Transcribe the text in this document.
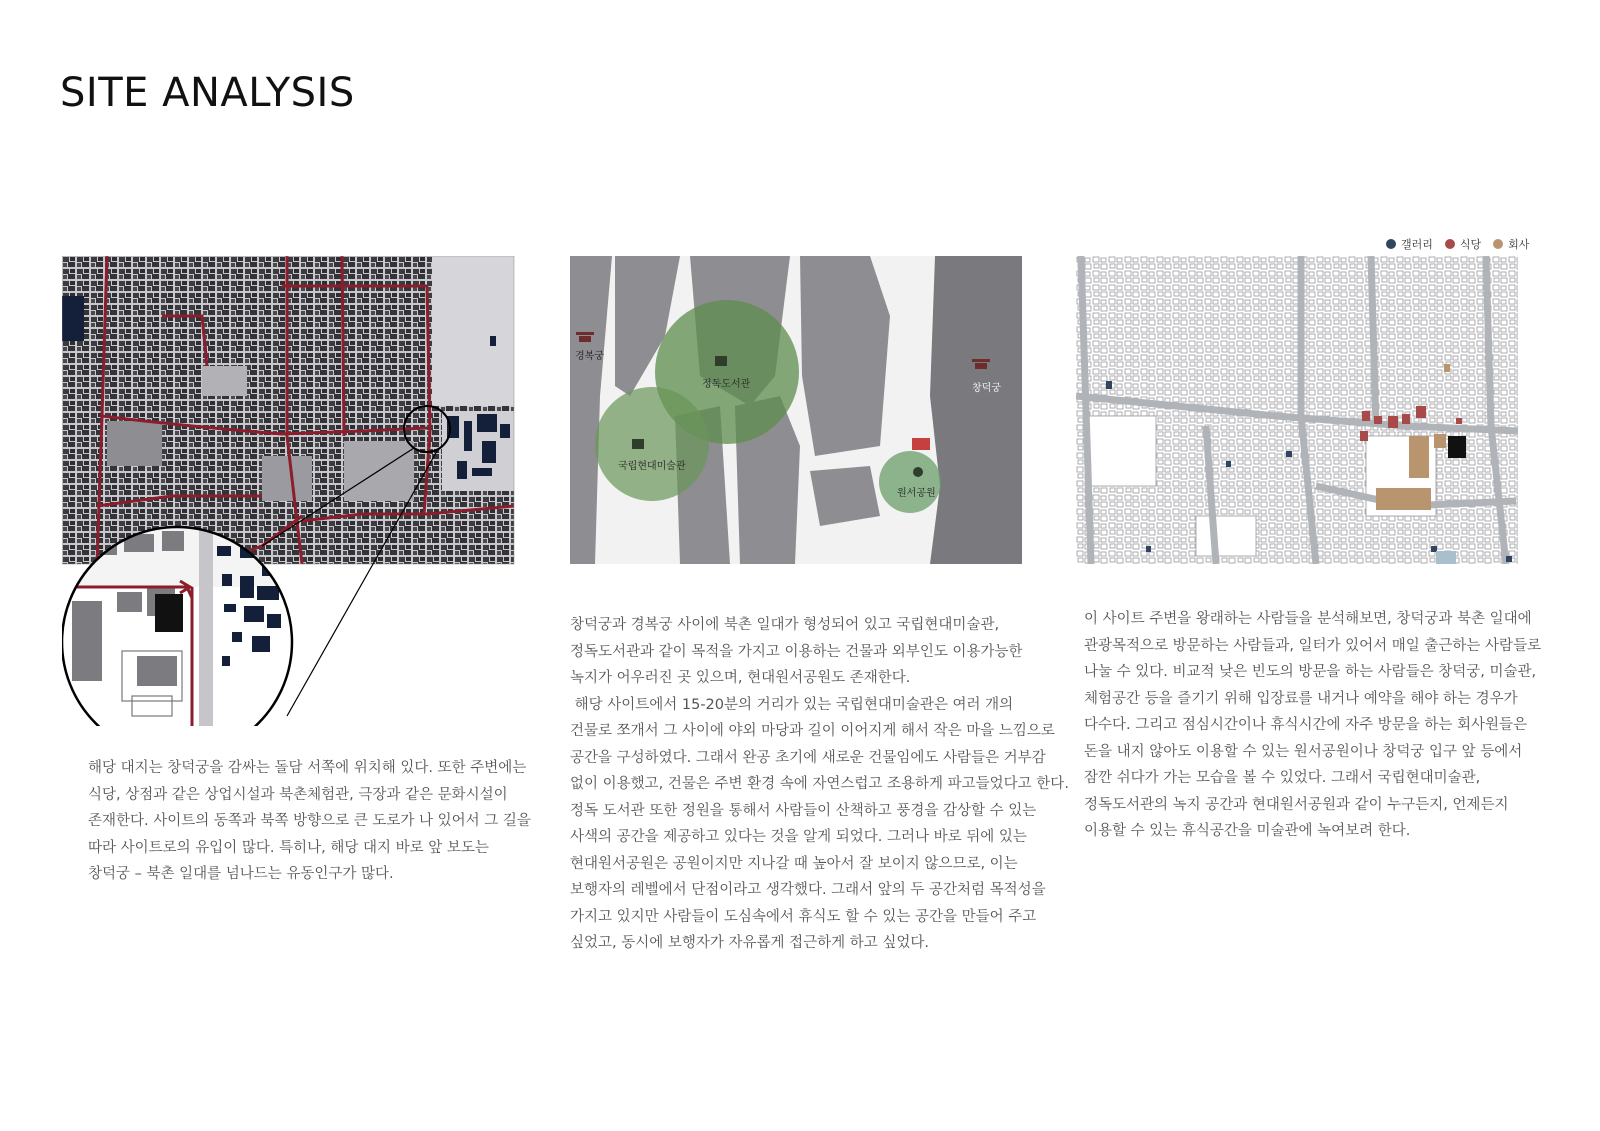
SITE ANALYSIS
경복궁
정독도서관
국립현대미술관
원서공원
창덕궁
갤러리 식당 회사
해당 대지는 창덕궁을 감싸는 돌담 서쪽에 위치해 있다. 또한 주변에는
식당, 상점과 같은 상업시설과 북촌체험관, 극장과 같은 문화시설이
존재한다. 사이트의 동쪽과 북쪽 방향으로 큰 도로가 나 있어서 그 길을
따라 사이트로의 유입이 많다. 특히나, 해당 대지 바로 앞 보도는
창덕궁 – 북촌 일대를 넘나드는 유동인구가 많다.
창덕궁과 경복궁 사이에 북촌 일대가 형성되어 있고 국립현대미술관,
정독도서관과 같이 목적을 가지고 이용하는 건물과 외부인도 이용가능한
녹지가 어우러진 곳 있으며, 현대원서공원도 존재한다.
해당 사이트에서 15-20분의 거리가 있는 국립현대미술관은 여러 개의
건물로 쪼개서 그 사이에 야외 마당과 길이 이어지게 해서 작은 마을 느낌으로
공간을 구성하였다. 그래서 완공 초기에 새로운 건물임에도 사람들은 거부감
없이 이용했고, 건물은 주변 환경 속에 자연스럽고 조용하게 파고들었다고 한다.
정독 도서관 또한 정원을 통해서 사람들이 산책하고 풍경을 감상할 수 있는
사색의 공간을 제공하고 있다는 것을 알게 되었다. 그러나 바로 뒤에 있는
현대원서공원은 공원이지만 지나갈 때 높아서 잘 보이지 않으므로, 이는
보행자의 레벨에서 단점이라고 생각했다. 그래서 앞의 두 공간처럼 목적성을
가지고 있지만 사람들이 도심속에서 휴식도 할 수 있는 공간을 만들어 주고
싶었고, 동시에 보행자가 자유롭게 접근하게 하고 싶었다.
이 사이트 주변을 왕래하는 사람들을 분석해보면, 창덕궁과 북촌 일대에
관광목적으로 방문하는 사람들과, 일터가 있어서 매일 출근하는 사람들로
나눌 수 있다. 비교적 낮은 빈도의 방문을 하는 사람들은 창덕궁, 미술관,
체험공간 등을 즐기기 위해 입장료를 내거나 예약을 해야 하는 경우가
다수다. 그리고 점심시간이나 휴식시간에 자주 방문을 하는 회사원들은
돈을 내지 않아도 이용할 수 있는 원서공원이나 창덕궁 입구 앞 등에서
잠깐 쉬다가 가는 모습을 볼 수 있었다. 그래서 국립현대미술관,
정독도서관의 녹지 공간과 현대원서공원과 같이 누구든지, 언제든지
이용할 수 있는 휴식공간을 미술관에 녹여보려 한다.
